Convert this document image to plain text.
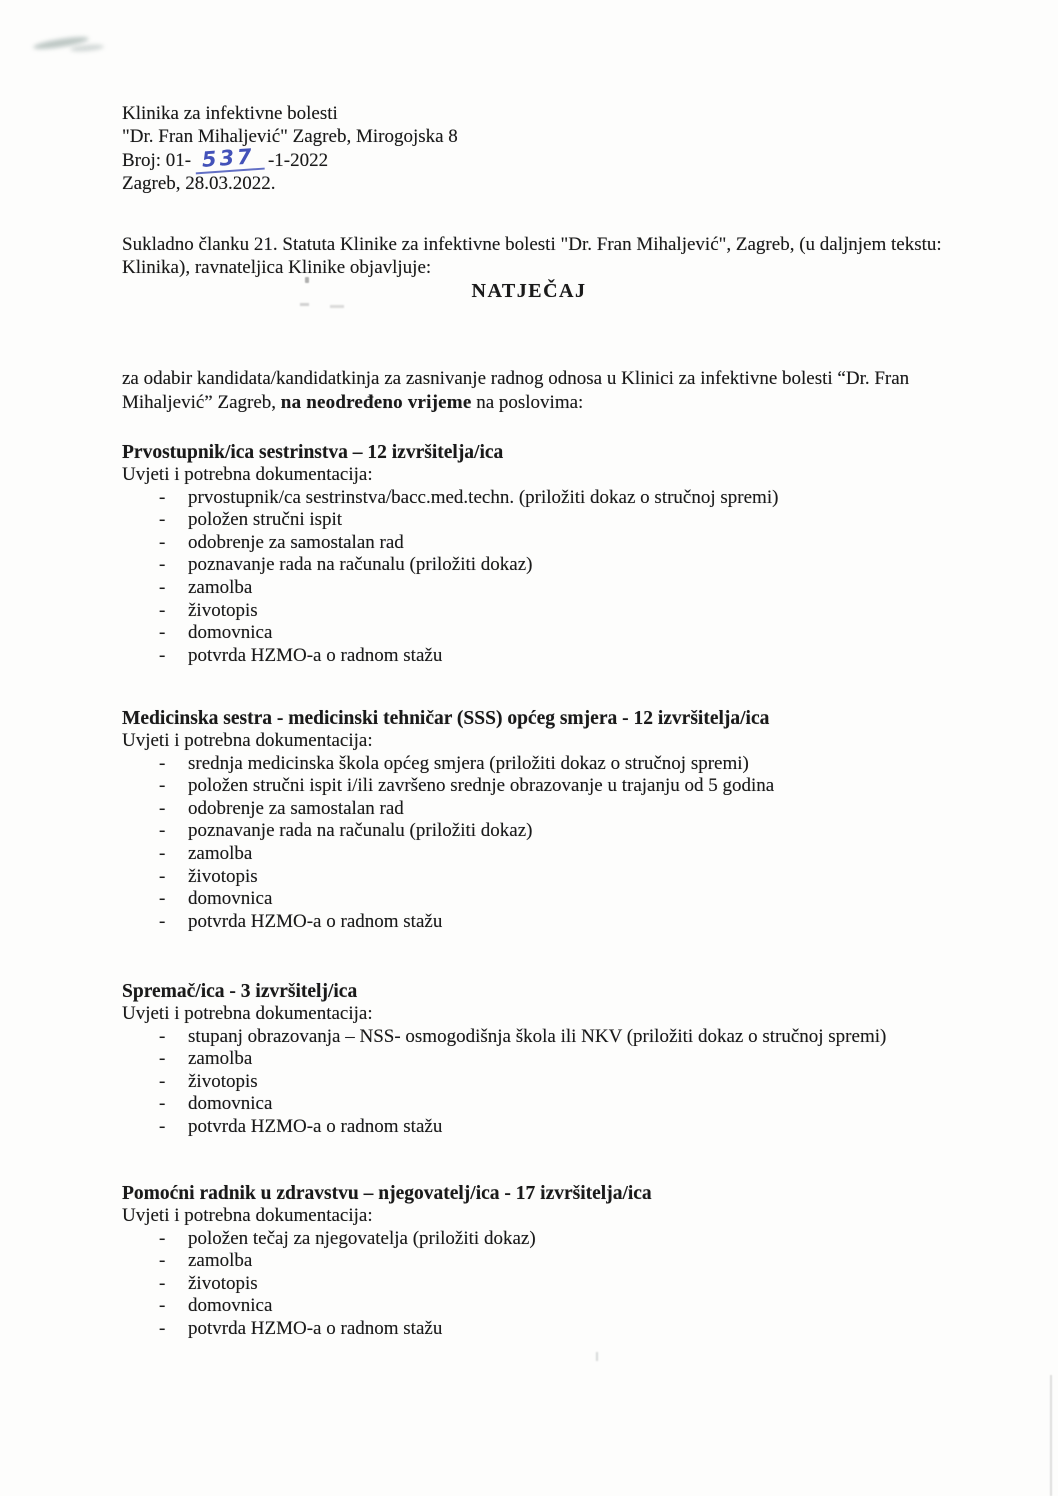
Klinika za infektivne bolesti
"Dr. Fran Mihaljević" Zagreb, Mirogojska 8
Broj: 01- 537 -1-2022
Zagreb, 28.03.2022.

Sukladno članku 21. Statuta Klinike za infektivne bolesti "Dr. Fran Mihaljević", Zagreb, (u daljnjem tekstu: Klinika), ravnateljica Klinike objavljuje:

NATJEČAJ

za odabir kandidata/kandidatkinja za zasnivanje radnog odnosa u Klinici za infektivne bolesti “Dr. Fran Mihaljević” Zagreb, na neodređeno vrijeme na poslovima:

Prvostupnik/ica sestrinstva – 12 izvršitelja/ica

Uvjeti i potrebna dokumentacija:

- prvostupnik/ca sestrinstva/bacc.med.techn. (priložiti dokaz o stručnoj spremi)
- položen stručni ispit
- odobrenje za samostalan rad
- poznavanje rada na računalu (priložiti dokaz)
- zamolba
- životopis
- domovnica
- potvrda HZMO-a o radnom stažu
Medicinska sestra - medicinski tehničar (SSS) općeg smjera - 12 izvršitelja/ica

Uvjeti i potrebna dokumentacija:

- srednja medicinska škola općeg smjera (priložiti dokaz o stručnoj spremi)
- položen stručni ispit i/ili završeno srednje obrazovanje u trajanju od 5 godina
- odobrenje za samostalan rad
- poznavanje rada na računalu (priložiti dokaz)
- zamolba
- životopis
- domovnica
- potvrda HZMO-a o radnom stažu
Spremač/ica - 3 izvršitelj/ica

Uvjeti i potrebna dokumentacija:

- stupanj obrazovanja – NSS- osmogodišnja škola ili NKV (priložiti dokaz o stručnoj spremi)
- zamolba
- životopis
- domovnica
- potvrda HZMO-a o radnom stažu
Pomoćni radnik u zdravstvu – njegovatelj/ica - 17 izvršitelja/ica

Uvjeti i potrebna dokumentacija:

- položen tečaj za njegovatelja (priložiti dokaz)
- zamolba
- životopis
- domovnica
- potvrda HZMO-a o radnom stažu
